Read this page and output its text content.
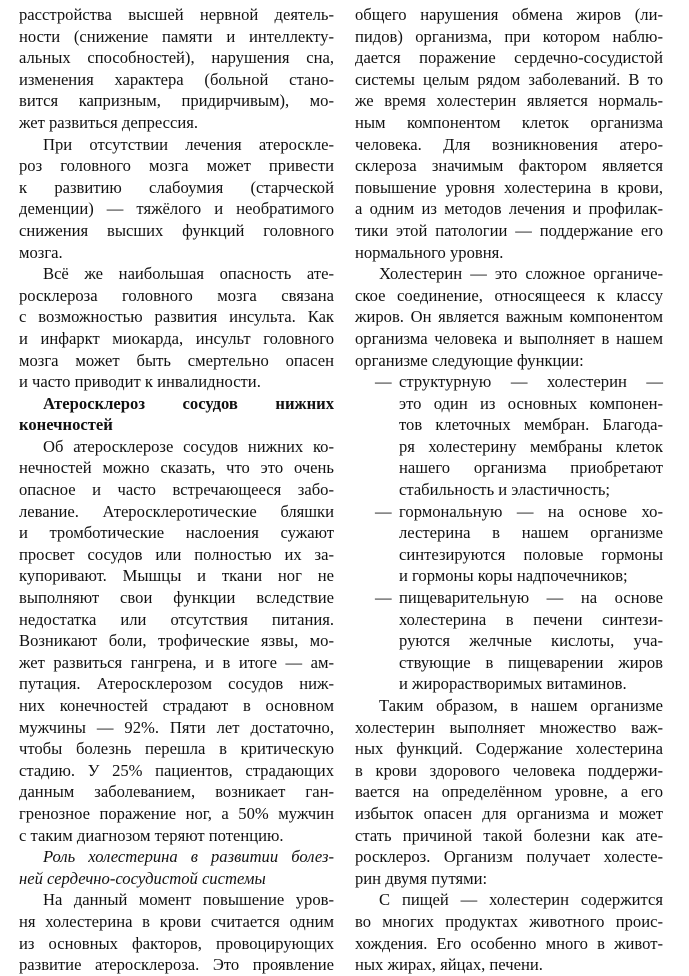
расстройства высшей нервной деятель-
ности (снижение памяти и интеллекту-
альных способностей), нарушения сна,
изменения характера (больной стано-
вится капризным, придирчивым), мо-
жет развиться депрессия.
При отсутствии лечения атероскле-
роз головного мозга может привести
к развитию слабоумия (старческой
деменции) — тяжёлого и необратимого
снижения высших функций головного
мозга.
Всё же наибольшая опасность ате-
росклероза головного мозга связана
с возможностью развития инсульта. Как
и инфаркт миокарда, инсульт головного
мозга может быть смертельно опасен
и часто приводит к инвалидности.
Атеросклероз сосудов нижних
конечностей
Об атеросклерозе сосудов нижних ко-
нечностей можно сказать, что это очень
опасное и часто встречающееся забо-
левание. Атеросклеротические бляшки
и тромботические наслоения сужают
просвет сосудов или полностью их за-
купоривают. Мышцы и ткани ног не
выполняют свои функции вследствие
недостатка или отсутствия питания.
Возникают боли, трофические язвы, мо-
жет развиться гангрена, и в итоге — ам-
путация. Атеросклерозом сосудов ниж-
них конечностей страдают в основном
мужчины — 92%. Пяти лет достаточно,
чтобы болезнь перешла в критическую
стадию. У 25% пациентов, страдающих
данным заболеванием, возникает ган-
гренозное поражение ног, а 50% мужчин
с таким диагнозом теряют потенцию.
Роль холестерина в развитии болез-
ней сердечно-сосудистой системы
На данный момент повышение уров-
ня холестерина в крови считается одним
из основных факторов, провоцирующих
развитие атеросклероза. Это проявление
общего нарушения обмена жиров (ли-
пидов) организма, при котором наблю-
дается поражение сердечно-сосудистой
системы целым рядом заболеваний. В то
же время холестерин является нормаль-
ным компонентом клеток организма
человека. Для возникновения атеро-
склероза значимым фактором является
повышение уровня холестерина в крови,
а одним из методов лечения и профилак-
тики этой патологии — поддержание его
нормального уровня.
Холестерин — это сложное органиче-
ское соединение, относящееся к классу
жиров. Он является важным компонентом
организма человека и выполняет в нашем
организме следующие функции:
— структурную — холестерин —
это один из основных компонен-
тов клеточных мембран. Благода-
ря холестерину мембраны клеток
нашего организма приобретают
стабильность и эластичность;
— гормональную — на основе хо-
лестерина в нашем организме
синтезируются половые гормоны
и гормоны коры надпочечников;
— пищеварительную — на основе
холестерина в печени синтези-
руются желчные кислоты, уча-
ствующие в пищеварении жиров
и жирорастворимых витаминов.
Таким образом, в нашем организме
холестерин выполняет множество важ-
ных функций. Содержание холестерина
в крови здорового человека поддержи-
вается на определённом уровне, а его
избыток опасен для организма и может
стать причиной такой болезни как ате-
росклероз. Организм получает холесте-
рин двумя путями:
С пищей — холестерин содержится
во многих продуктах животного проис-
хождения. Его особенно много в живот-
ных жирах, яйцах, печени.
